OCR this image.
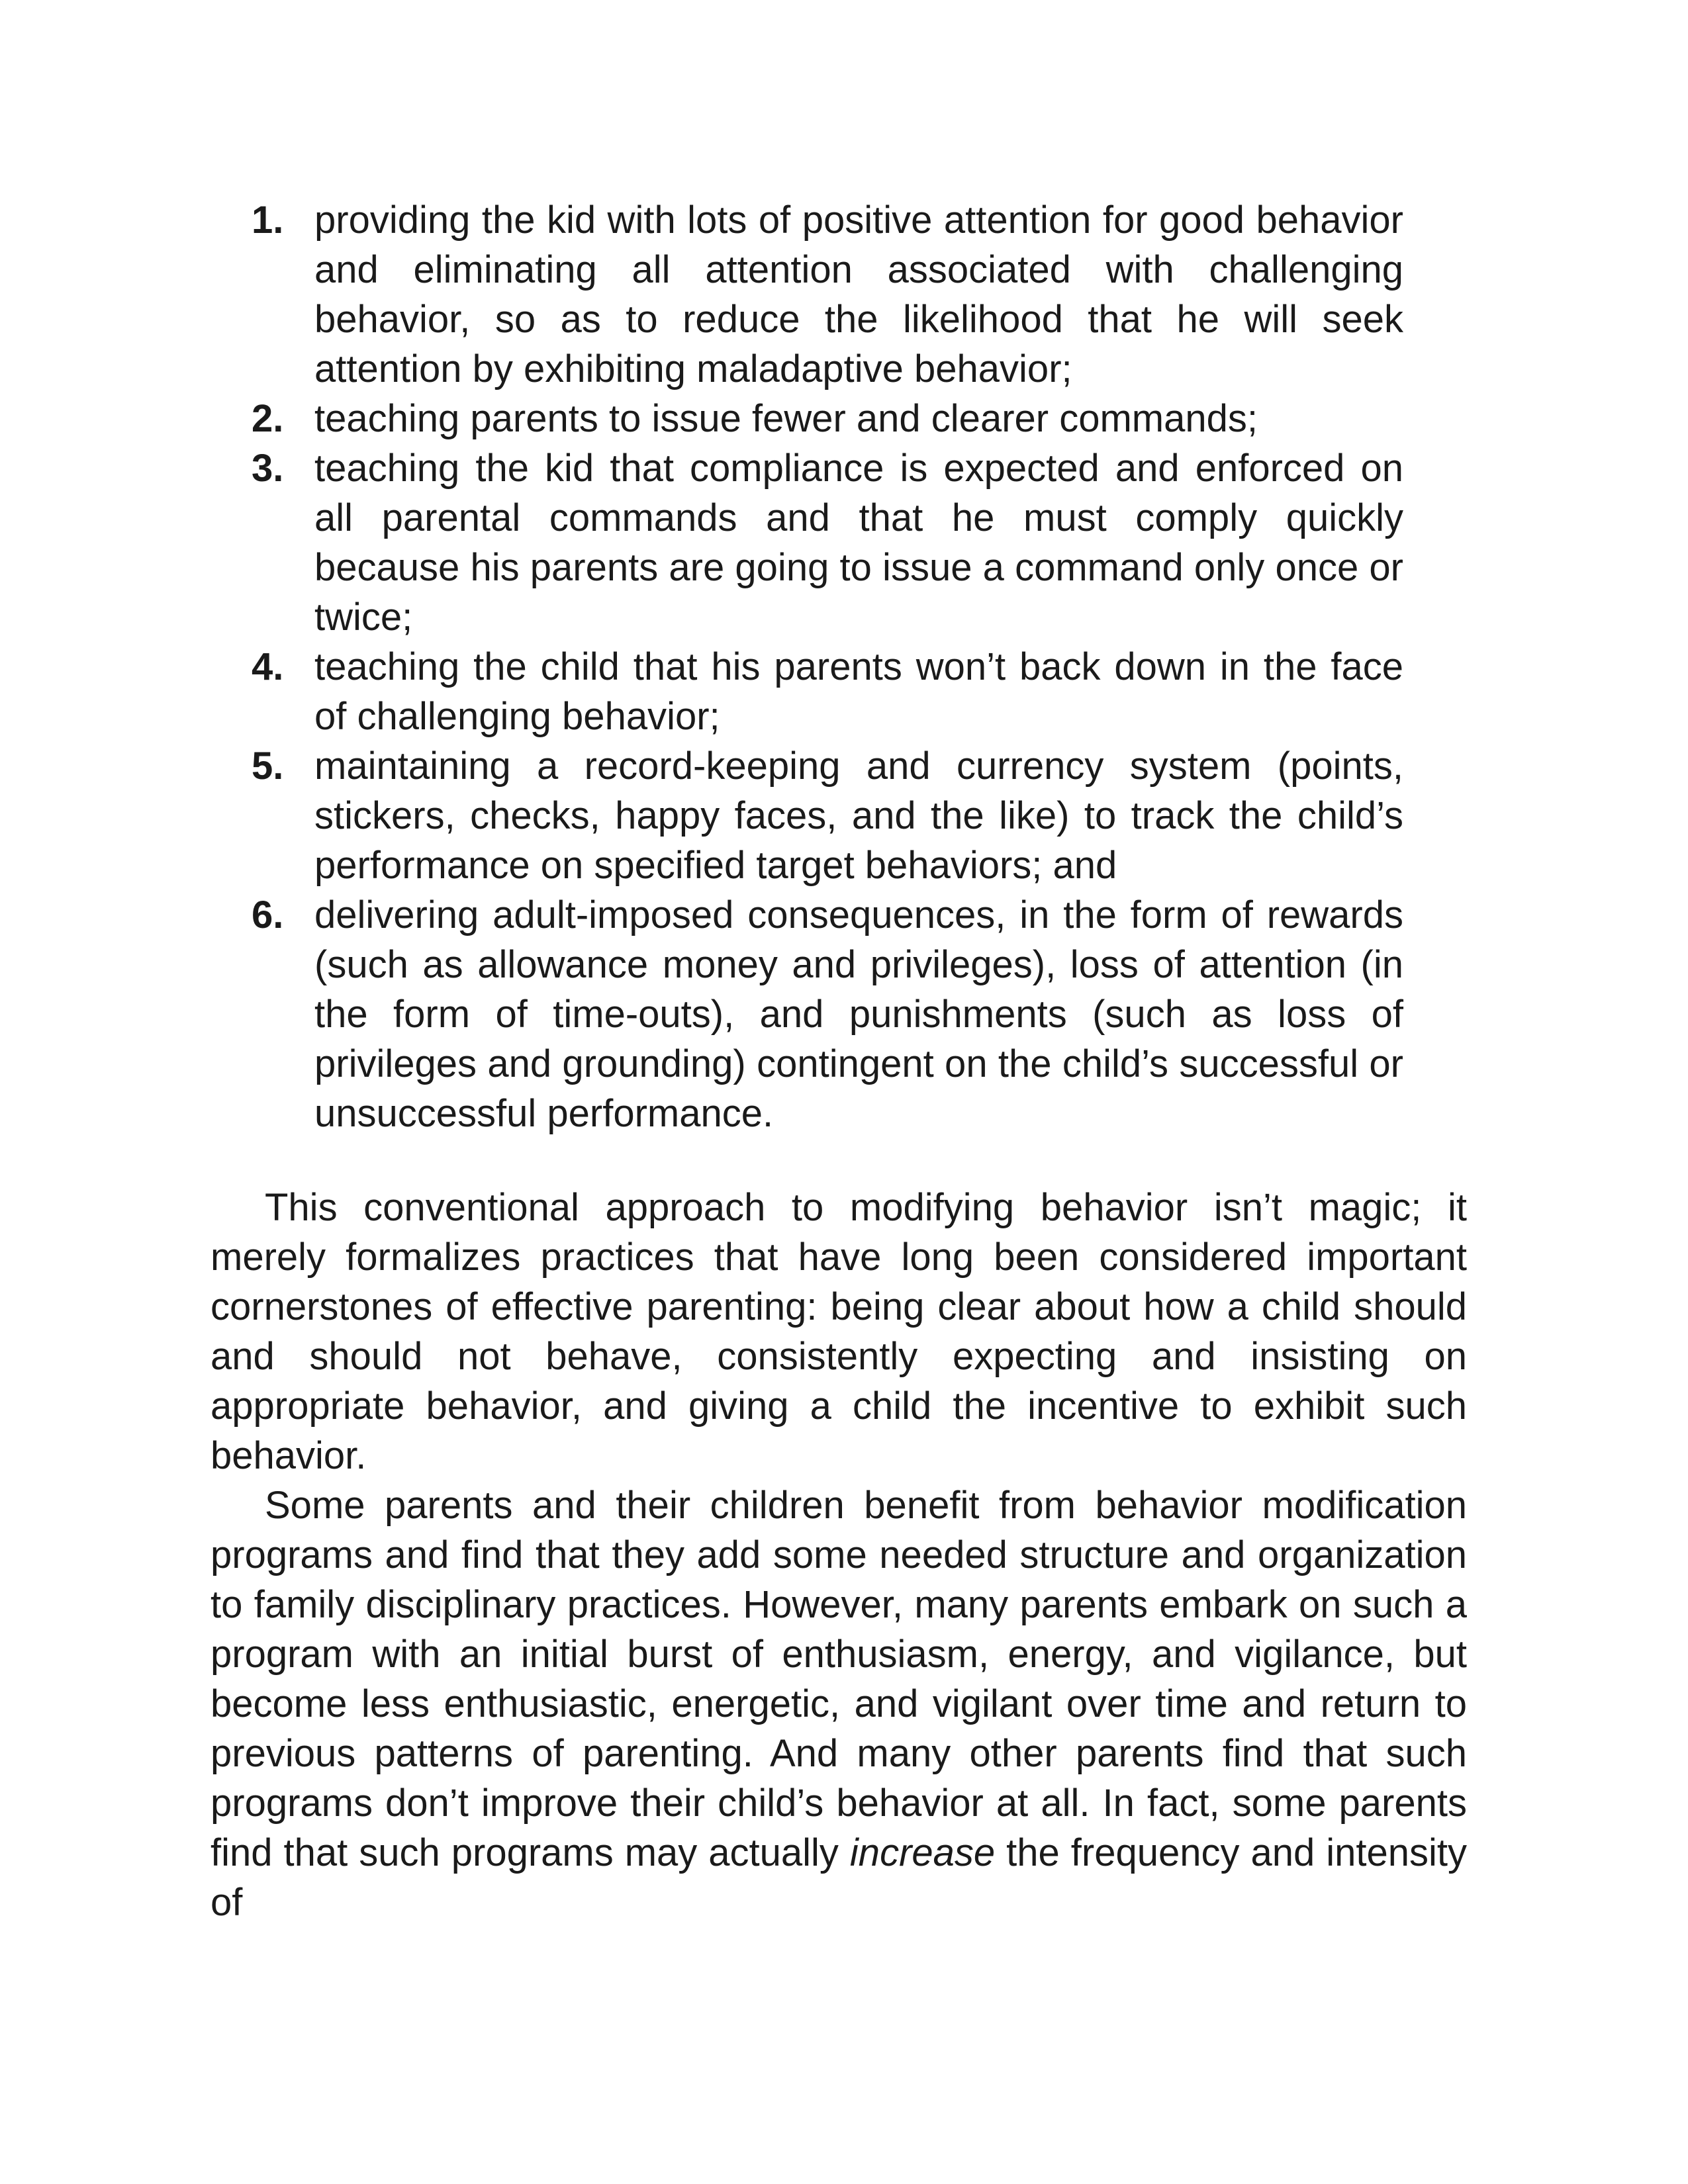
1. providing the kid with lots of positive attention for good behavior and eliminating all attention associated with challenging behavior, so as to reduce the likelihood that he will seek attention by exhibiting maladaptive behavior;
2. teaching parents to issue fewer and clearer commands;
3. teaching the kid that compliance is expected and enforced on all parental commands and that he must comply quickly because his parents are going to issue a command only once or twice;
4. teaching the child that his parents won’t back down in the face of challenging behavior;
5. maintaining a record-keeping and currency system (points, stickers, checks, happy faces, and the like) to track the child’s performance on specified target behaviors; and
6. delivering adult-imposed consequences, in the form of rewards (such as allowance money and privileges), loss of attention (in the form of time-outs), and punishments (such as loss of privileges and grounding) contingent on the child’s successful or unsuccessful performance.

This conventional approach to modifying behavior isn’t magic; it merely formalizes practices that have long been considered important cornerstones of effective parenting: being clear about how a child should and should not behave, consistently expecting and insisting on appropriate behavior, and giving a child the incentive to exhibit such behavior.

Some parents and their children benefit from behavior modification programs and find that they add some needed structure and organization to family disciplinary practices. However, many parents embark on such a program with an initial burst of enthusiasm, energy, and vigilance, but become less enthusiastic, energetic, and vigilant over time and return to previous patterns of parenting. And many other parents find that such programs don’t improve their child’s behavior at all. In fact, some parents find that such programs may actually increase the frequency and intensity of
